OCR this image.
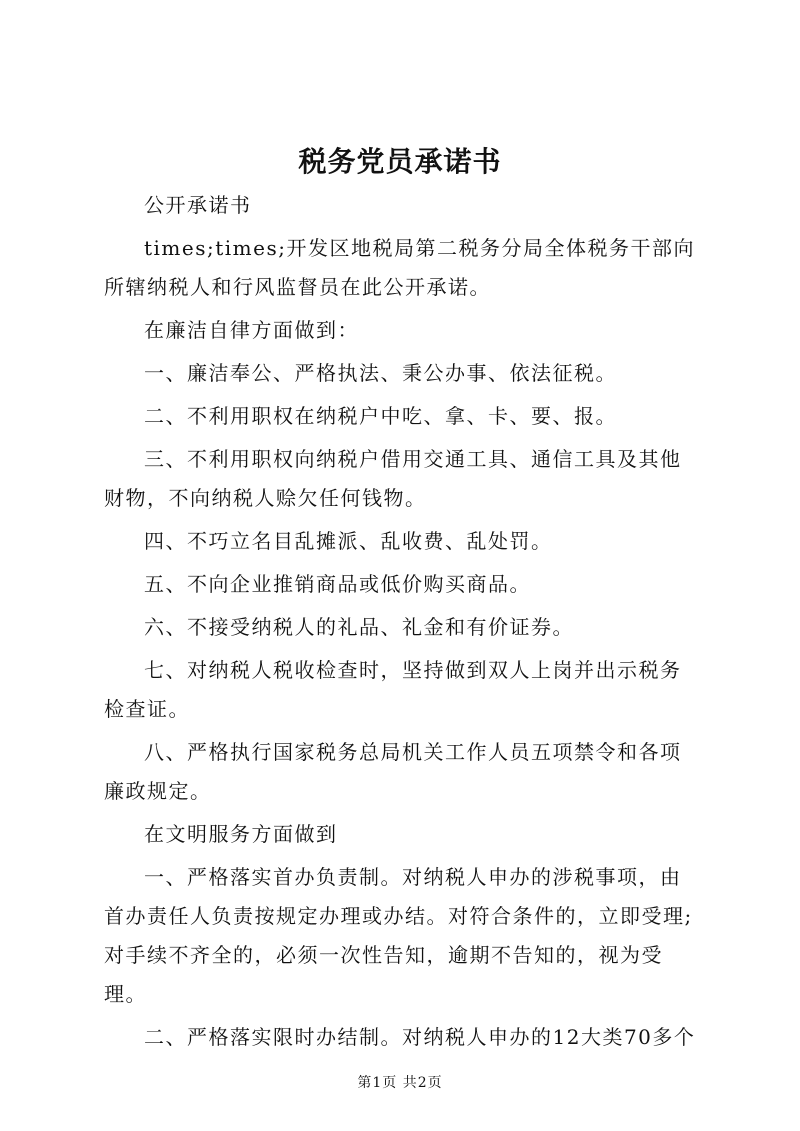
税务党员承诺书

公开承诺书

times;times;开发区地税局第二税务分局全体税务干部向所辖纳税人和行风监督员在此公开承诺。

在廉洁自律方面做到：

一、廉洁奉公、严格执法、秉公办事、依法征税。

二、不利用职权在纳税户中吃、拿、卡、要、报。

三、不利用职权向纳税户借用交通工具、通信工具及其他财物，不向纳税人赊欠任何钱物。

四、不巧立名目乱摊派、乱收费、乱处罚。

五、不向企业推销商品或低价购买商品。

六、不接受纳税人的礼品、礼金和有价证券。

七、对纳税人税收检查时，坚持做到双人上岗并出示税务检查证。

八、严格执行国家税务总局机关工作人员五项禁令和各项廉政规定。

在文明服务方面做到

一、严格落实首办负责制。对纳税人申办的涉税事项，由首办责任人负责按规定办理或办结。对符合条件的，立即受理;对手续不齐全的，必须一次性告知，逾期不告知的，视为受理。

二、严格落实限时办结制。对纳税人申办的12大类70多个

第1页 共2页
